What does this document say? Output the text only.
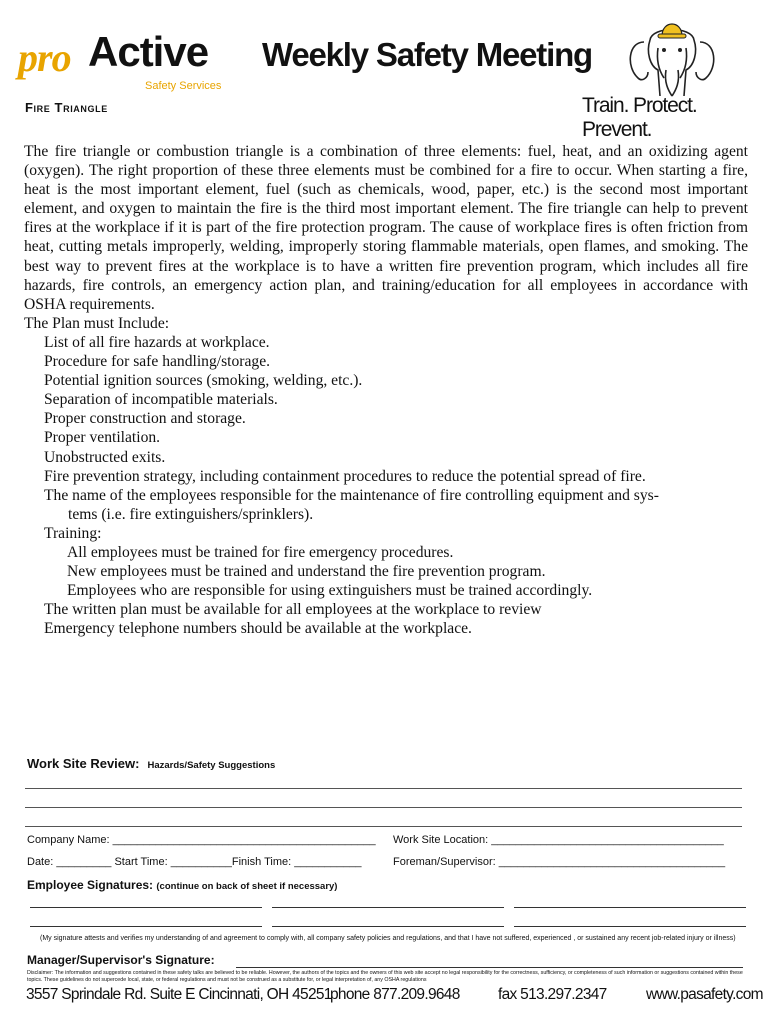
pro Active
Safety Services
Weekly Safety Meeting
Train. Protect. Prevent.
Fire Triangle

The fire triangle or combustion triangle is a combination of three elements: fuel, heat, and an oxidizing agent (oxygen). The right proportion of these three elements must be combined for a fire to occur. When starting a fire, heat is the most important element, fuel (such as chemicals, wood, paper, etc.) is the second most important element, and oxygen to maintain the fire is the third most important element. The fire triangle can help to prevent fires at the workplace if it is part of the fire protection program. The cause of workplace fires is often friction from heat, cutting metals improperly, welding, improperly storing flammable materials, open flames, and smoking. The best way to prevent fires at the workplace is to have a written fire prevention program, which includes all fire hazards, fire controls, an emergency action plan, and training/education for all employees in accordance with OSHA requirements.

The Plan must Include:
List of all fire hazards at workplace.
Procedure for safe handling/storage.
Potential ignition sources (smoking, welding, etc.).
Separation of incompatible materials.
Proper construction and storage.
Proper ventilation.
Unobstructed exits.
Fire prevention strategy, including containment procedures to reduce the potential spread of fire.
The name of the employees responsible for the maintenance of fire controlling equipment and sys-
tems (i.e. fire extinguishers/sprinklers).
Training:
All employees must be trained for fire emergency procedures.
New employees must be trained and understand the fire prevention program.
Employees who are responsible for using extinguishers must be trained accordingly.
The written plan must be available for all employees at the workplace to review
Emergency telephone numbers should be available at the workplace.
Work Site Review: Hazards/Safety Suggestions
Company Name: ___________________________________________ Work Site Location: ______________________________________
Date: _________ Start Time: __________Finish Time: ___________	Foreman/Supervisor: _____________________________________
Employee Signatures: (continue on back of sheet if necessary)
(My signature attests and verifies my understanding of and agreement to comply with, all company safety policies and regulations, and that I have not suffered, experienced , or sustained any recent job-related injury or illness)
Manager/Supervisor's Signature:
Disclaimer: The information and suggestions contained in these safety talks are believed to be reliable. However, the authors of the topics and the owners of this web site accept no legal responsibility for the correctness, sufficiency, or completeness of such information or suggestions contained within these topics. These guidelines do not supercede local, state, or federal regulations and must not be construed as a substitute for, or legal interpretation of, any OSHA regulations
3557 Sprindale Rd. Suite E Cincinnati, OH 45251
phone 877.209.9648 fax 513.297.2347	www.pasafety.com
